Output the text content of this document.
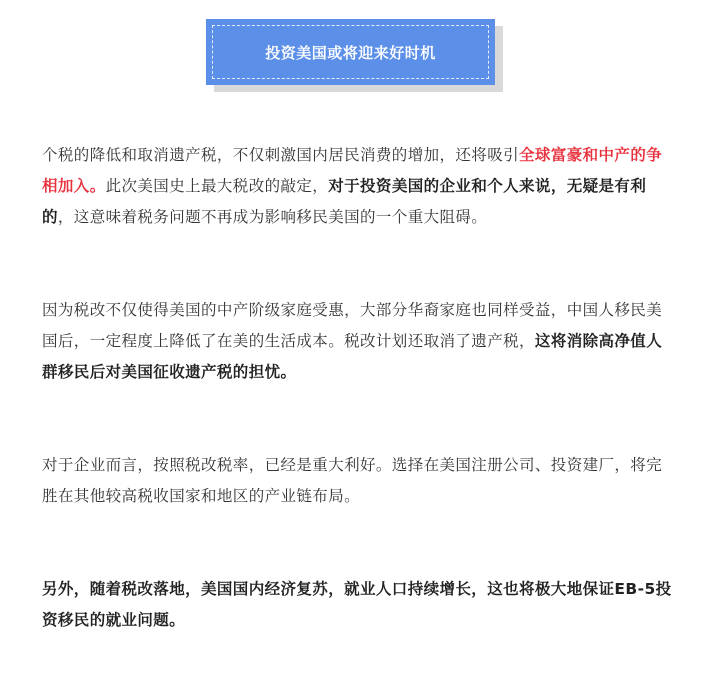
投资美国或将迎来好时机

个税的降低和取消遗产税，不仅刺激国内居民消费的增加，还将吸引全球富豪和中产的争相加入。此次美国史上最大税改的敲定，对于投资美国的企业和个人来说，无疑是有利的，这意味着税务问题不再成为影响移民美国的一个重大阻碍。

因为税改不仅使得美国的中产阶级家庭受惠，大部分华裔家庭也同样受益，中国人移民美国后，一定程度上降低了在美的生活成本。税改计划还取消了遗产税，这将消除高净值人群移民后对美国征收遗产税的担忧。

对于企业而言，按照税改税率，已经是重大利好。选择在美国注册公司、投资建厂，将完胜在其他较高税收国家和地区的产业链布局。

另外，随着税改落地，美国国内经济复苏，就业人口持续增长，这也将极大地保证EB-5投资移民的就业问题。
